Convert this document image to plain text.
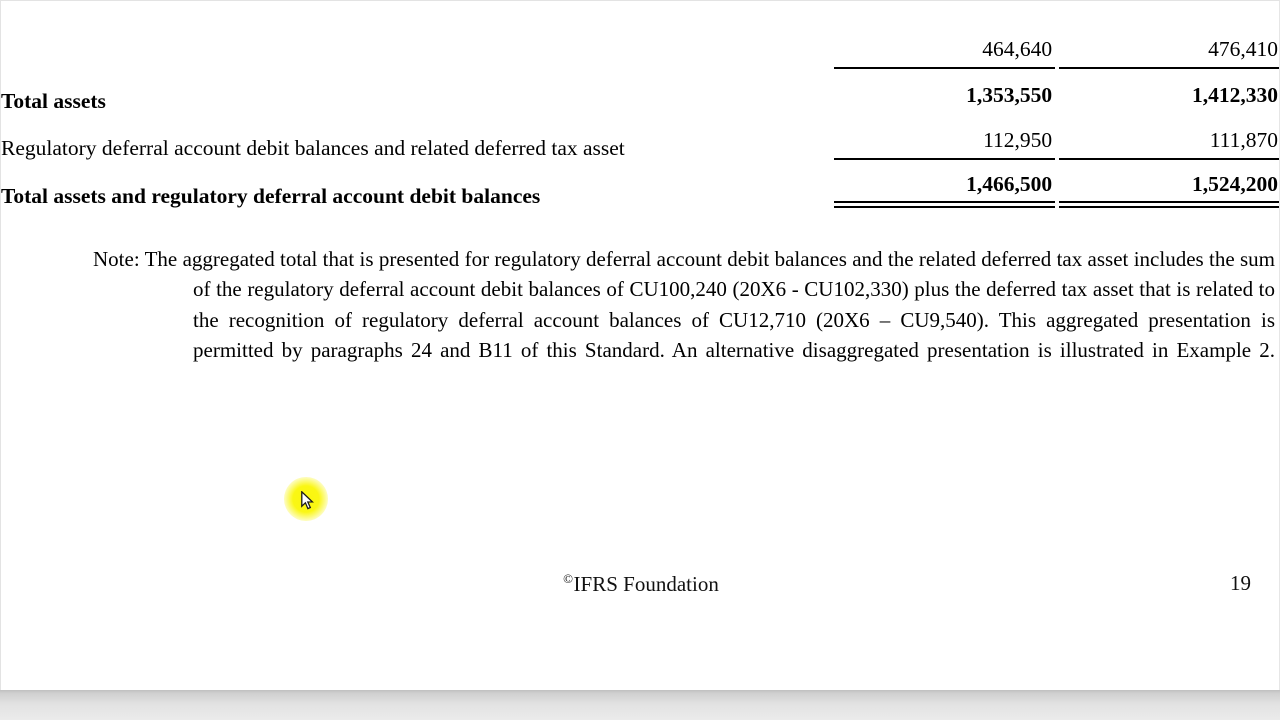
	464,640		476,410

Total assets	1,353,550		1,412,330

Regulatory deferral account debit balances and related deferred tax asset	112,950		111,870

Total assets and regulatory deferral account debit balances	1,466,500		1,524,200
Note: The aggregated total that is presented for regulatory deferral account debit balances and the related deferred tax asset includes the sum of the regulatory deferral account debit balances of CU100,240 (20X6 - CU102,330) plus the deferred tax asset that is related to the recognition of regulatory deferral account balances of CU12,710 (20X6 – CU9,540). This aggregated presentation is permitted by paragraphs 24 and B11 of this Standard. An alternative disaggregated presentation is illustrated in Example 2.
©IFRS Foundation	19
